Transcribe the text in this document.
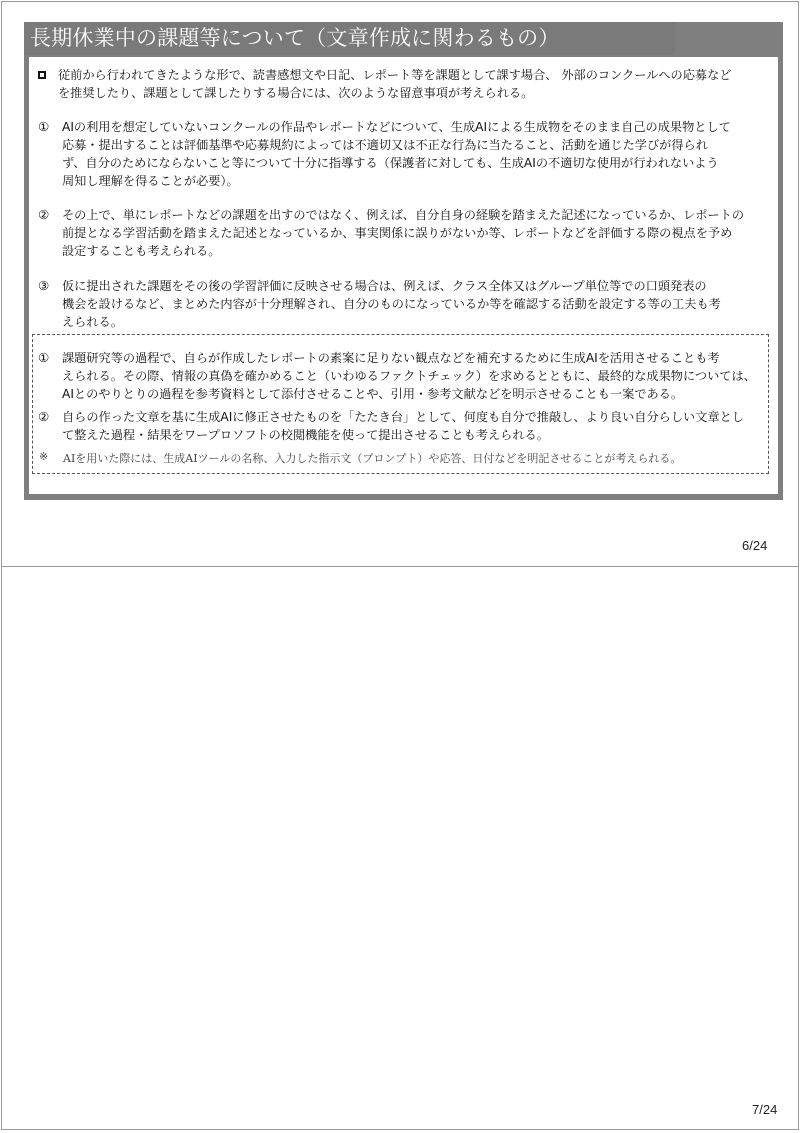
長期休業中の課題等について（文章作成に関わるもの）
従前から行われてきたような形で、読書感想文や日記、レポート等を課題として課す場合、 外部のコンクールへの応募など
を推奨したり、課題として課したりする場合には、次のような留意事項が考えられる。
① AIの利用を想定していないコンクールの作品やレポートなどについて、生成AIによる生成物をそのまま自己の成果物として
応募・提出することは評価基準や応募規約によっては不適切又は不正な行為に当たること、活動を通じた学びが得られ
ず、自分のためにならないこと等について十分に指導する（保護者に対しても、生成AIの不適切な使用が行われないよう
周知し理解を得ることが必要）。
② その上で、単にレポートなどの課題を出すのではなく、例えば、自分自身の経験を踏まえた記述になっているか、レポートの
前提となる学習活動を踏まえた記述となっているか、事実関係に誤りがないか等、レポートなどを評価する際の視点を予め
設定することも考えられる。
③ 仮に提出された課題をその後の学習評価に反映させる場合は、例えば、クラス全体又はグループ単位等での口頭発表の
機会を設けるなど、まとめた内容が十分理解され、自分のものになっているか等を確認する活動を設定する等の工夫も考
えられる。
① 課題研究等の過程で、自らが作成したレポートの素案に足りない観点などを補充するために生成AIを活用させることも考
えられる。その際、情報の真偽を確かめること（いわゆるファクトチェック）を求めるとともに、最終的な成果物については、
AIとのやりとりの過程を参考資料として添付させることや、引用・参考文献などを明示させることも一案である。
② 自らの作った文章を基に生成AIに修正させたものを「たたき台」として、何度も自分で推敲し、より良い自分らしい文章とし
て整えた過程・結果をワープロソフトの校閲機能を使って提出させることも考えられる。
※ AIを用いた際には、生成AIツールの名称、入力した指示文（プロンプト）や応答、日付などを明記させることが考えられる。
6/24
7/24
